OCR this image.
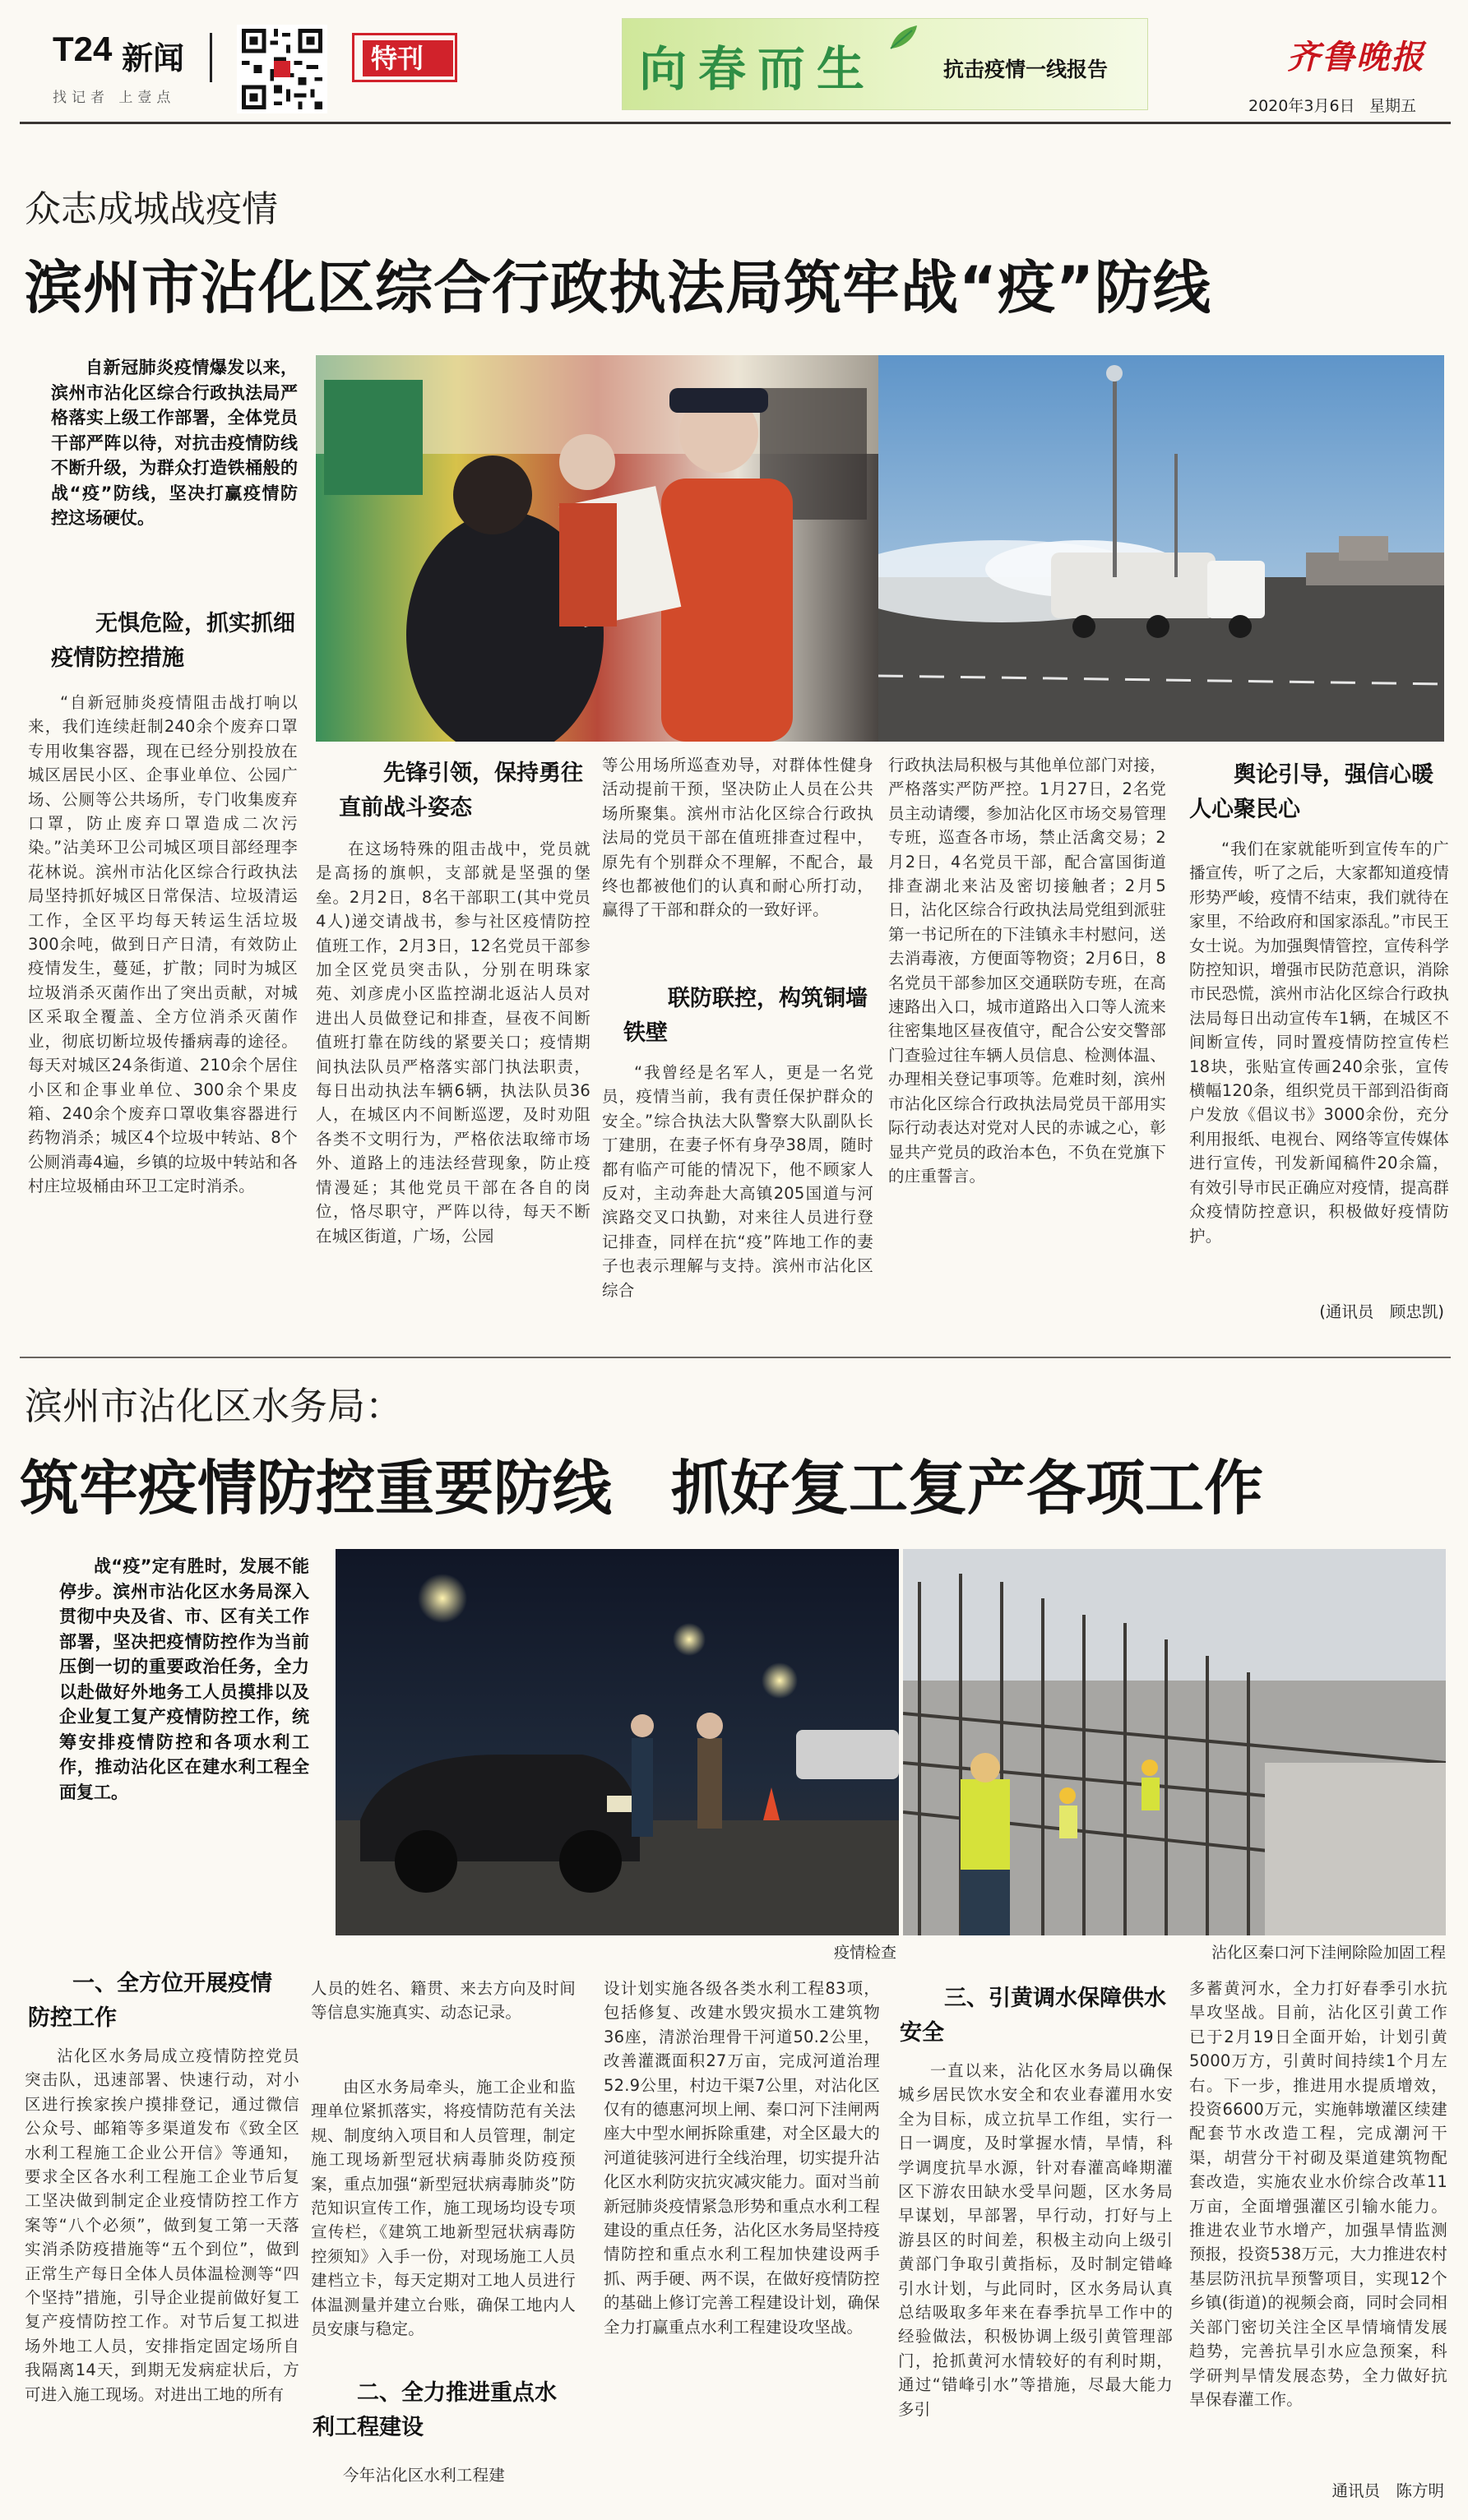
T24 新闻
找记者 上壹点
特刊	向春而生	抗击疫情一线报告	齐鲁晚报
2020年3月6日 星期五
众志成城战疫情
滨州市沾化区综合行政执法局筑牢战“疫”防线
自新冠肺炎疫情爆发以来，滨州市沾化区综合行政执法局严格落实上级工作部署，全体党员干部严阵以待，对抗击疫情防线不断升级，为群众打造铁桶般的战“疫”防线，坚决打赢疫情防控这场硬仗。
无惧危险，抓实抓细疫情防控措施
“自新冠肺炎疫情阻击战打响以来，我们连续赶制240余个废弃口罩专用收集容器，现在已经分别投放在城区居民小区、企事业单位、公园广场、公厕等公共场所，专门收集废弃口罩，防止废弃口罩造成二次污染。”沾美环卫公司城区项目部经理李花林说。滨州市沾化区综合行政执法局坚持抓好城区日常保洁、垃圾清运工作，全区平均每天转运生活垃圾300余吨，做到日产日清，有效防止疫情发生，蔓延，扩散；同时为城区垃圾消杀灭菌作出了突出贡献，对城区采取全覆盖、全方位消杀灭菌作业，彻底切断垃圾传播病毒的途径。每天对城区24条街道、210余个居住小区和企事业单位、300余个果皮箱、240余个废弃口罩收集容器进行药物消杀；城区4个垃圾中转站、8个公厕消毒4遍，乡镇的垃圾中转站和各村庄垃圾桶由环卫工定时消杀。
先锋引领，保持勇往直前战斗姿态
在这场特殊的阻击战中，党员就是高扬的旗帜，支部就是坚强的堡垒。2月2日，8名干部职工(其中党员4人)递交请战书，参与社区疫情防控值班工作，2月3日，12名党员干部参加全区党员突击队，分别在明珠家苑、刘彦虎小区监控湖北返沾人员对进出人员做登记和排查，昼夜不间断值班打靠在防线的紧要关口；疫情期间执法队员严格落实部门执法职责，每日出动执法车辆6辆，执法队员36人，在城区内不间断巡逻，及时劝阻各类不文明行为，严格依法取缔市场外、道路上的违法经营现象，防止疫情漫延；其他党员干部在各自的岗位，恪尽职守，严阵以待，每天不断在城区街道，广场，公园
等公用场所巡查劝导，对群体性健身活动提前干预，坚决防止人员在公共场所聚集。滨州市沾化区综合行政执法局的党员干部在值班排查过程中，原先有个别群众不理解，不配合，最终也都被他们的认真和耐心所打动，赢得了干部和群众的一致好评。
联防联控，构筑铜墙铁壁
“我曾经是名军人，更是一名党员，疫情当前，我有责任保护群众的安全。”综合执法大队警察大队副队长丁建朋，在妻子怀有身孕38周，随时都有临产可能的情况下，他不顾家人反对，主动奔赴大高镇205国道与河滨路交叉口执勤，对来往人员进行登记排查，同样在抗“疫”阵地工作的妻子也表示理解与支持。滨州市沾化区综合
行政执法局积极与其他单位部门对接，严格落实严防严控。1月27日，2名党员主动请缨，参加沾化区市场交易管理专班，巡查各市场，禁止活禽交易；2月2日，4名党员干部，配合富国街道排查湖北来沾及密切接触者；2月5日，沾化区综合行政执法局党组到派驻第一书记所在的下洼镇永丰村慰问，送去消毒液，方便面等物资；2月6日，8名党员干部参加区交通联防专班，在高速路出入口，城市道路出入口等人流来往密集地区昼夜值守，配合公安交警部门查验过往车辆人员信息、检测体温、办理相关登记事项等。危难时刻，滨州市沾化区综合行政执法局党员干部用实际行动表达对党对人民的赤诚之心，彰显共产党员的政治本色，不负在党旗下的庄重誓言。
舆论引导，强信心暖人心聚民心
“我们在家就能听到宣传车的广播宣传，听了之后，大家都知道疫情形势严峻，疫情不结束，我们就待在家里，不给政府和国家添乱。”市民王女士说。为加强舆情管控，宣传科学防控知识，增强市民防范意识，消除市民恐慌，滨州市沾化区综合行政执法局每日出动宣传车1辆，在城区不间断宣传，同时置疫情防控宣传栏18块，张贴宣传画240余张，宣传横幅120条，组织党员干部到沿街商户发放《倡议书》3000余份，充分利用报纸、电视台、网络等宣传媒体进行宣传，刊发新闻稿件20余篇，有效引导市民正确应对疫情，提高群众疫情防控意识，积极做好疫情防护。
(通讯员　顾忠凯)
滨州市沾化区水务局：
筑牢疫情防控重要防线　抓好复工复产各项工作
战“疫”定有胜时，发展不能停步。滨州市沾化区水务局深入贯彻中央及省、市、区有关工作部署，坚决把疫情防控作为当前压倒一切的重要政治任务，全力以赴做好外地务工人员摸排以及企业复工复产疫情防控工作，统筹安排疫情防控和各项水利工作，推动沾化区在建水利工程全面复工。
疫情检查	沾化区秦口河下洼闸除险加固工程
一、全方位开展疫情防控工作
沾化区水务局成立疫情防控党员突击队，迅速部署、快速行动，对小区进行挨家挨户摸排登记，通过微信公众号、邮箱等多渠道发布《致全区水利工程施工企业公开信》等通知，要求全区各水利工程施工企业节后复工坚决做到制定企业疫情防控工作方案等“八个必须”，做到复工第一天落实消杀防疫措施等“五个到位”，做到正常生产每日全体人员体温检测等“四个坚持”措施，引导企业提前做好复工复产疫情防控工作。对节后复工拟进场外地工人员，安排指定固定场所自我隔离14天，到期无发病症状后，方可进入施工现场。对进出工地的所有
人员的姓名、籍贯、来去方向及时间等信息实施真实、动态记录。
由区水务局牵头，施工企业和监理单位紧抓落实，将疫情防范有关法规、制度纳入项目和人员管理，制定施工现场新型冠状病毒肺炎防疫预案，重点加强“新型冠状病毒肺炎”防范知识宣传工作，施工现场均设专项宣传栏，《建筑工地新型冠状病毒防控须知》入手一份，对现场施工人员建档立卡，每天定期对工地人员进行体温测量并建立台账，确保工地内人员安康与稳定。
二、全力推进重点水利工程建设
今年沾化区水利工程建
设计划实施各级各类水利工程83项，包括修复、改建水毁灾损水工建筑物36座，清淤治理骨干河道50.2公里，改善灌溉面积27万亩，完成河道治理52.9公里，村边干渠7公里，对沾化区仅有的德惠河坝上闸、秦口河下洼闸两座大中型水闸拆除重建，对全区最大的河道徒骇河进行全线治理，切实提升沾化区水利防灾抗灾减灾能力。面对当前新冠肺炎疫情紧急形势和重点水利工程建设的重点任务，沾化区水务局坚持疫情防控和重点水利工程加快建设两手抓、两手硬、两不误，在做好疫情防控的基础上修订完善工程建设计划，确保全力打赢重点水利工程建设攻坚战。
三、引黄调水保障供水安全
一直以来，沾化区水务局以确保城乡居民饮水安全和农业春灌用水安全为目标，成立抗旱工作组，实行一日一调度，及时掌握水情，旱情，科学调度抗旱水源，针对春灌高峰期灌区下游农田缺水受旱问题，区水务局早谋划，早部署，早行动，打好与上游县区的时间差，积极主动向上级引黄部门争取引黄指标，及时制定错峰引水计划，与此同时，区水务局认真总结吸取多年来在春季抗旱工作中的经验做法，积极协调上级引黄管理部门，抢抓黄河水情较好的有利时期，通过“错峰引水”等措施，尽最大能力多引
多蓄黄河水，全力打好春季引水抗旱攻坚战。目前，沾化区引黄工作已于2月19日全面开始，计划引黄5000万方，引黄时间持续1个月左右。下一步，推进用水提质增效，投资6600万元，实施韩墩灌区续建配套节水改造工程，完成潮河干渠，胡营分干衬砌及渠道建筑物配套改造，实施农业水价综合改革11万亩，全面增强灌区引输水能力。推进农业节水增产，加强旱情监测预报，投资538万元，大力推进农村基层防汛抗旱预警项目，实现12个乡镇(街道)的视频会商，同时会同相关部门密切关注全区旱情墒情发展趋势，完善抗旱引水应急预案，科学研判旱情发展态势，全力做好抗旱保春灌工作。
通讯员　陈方明
